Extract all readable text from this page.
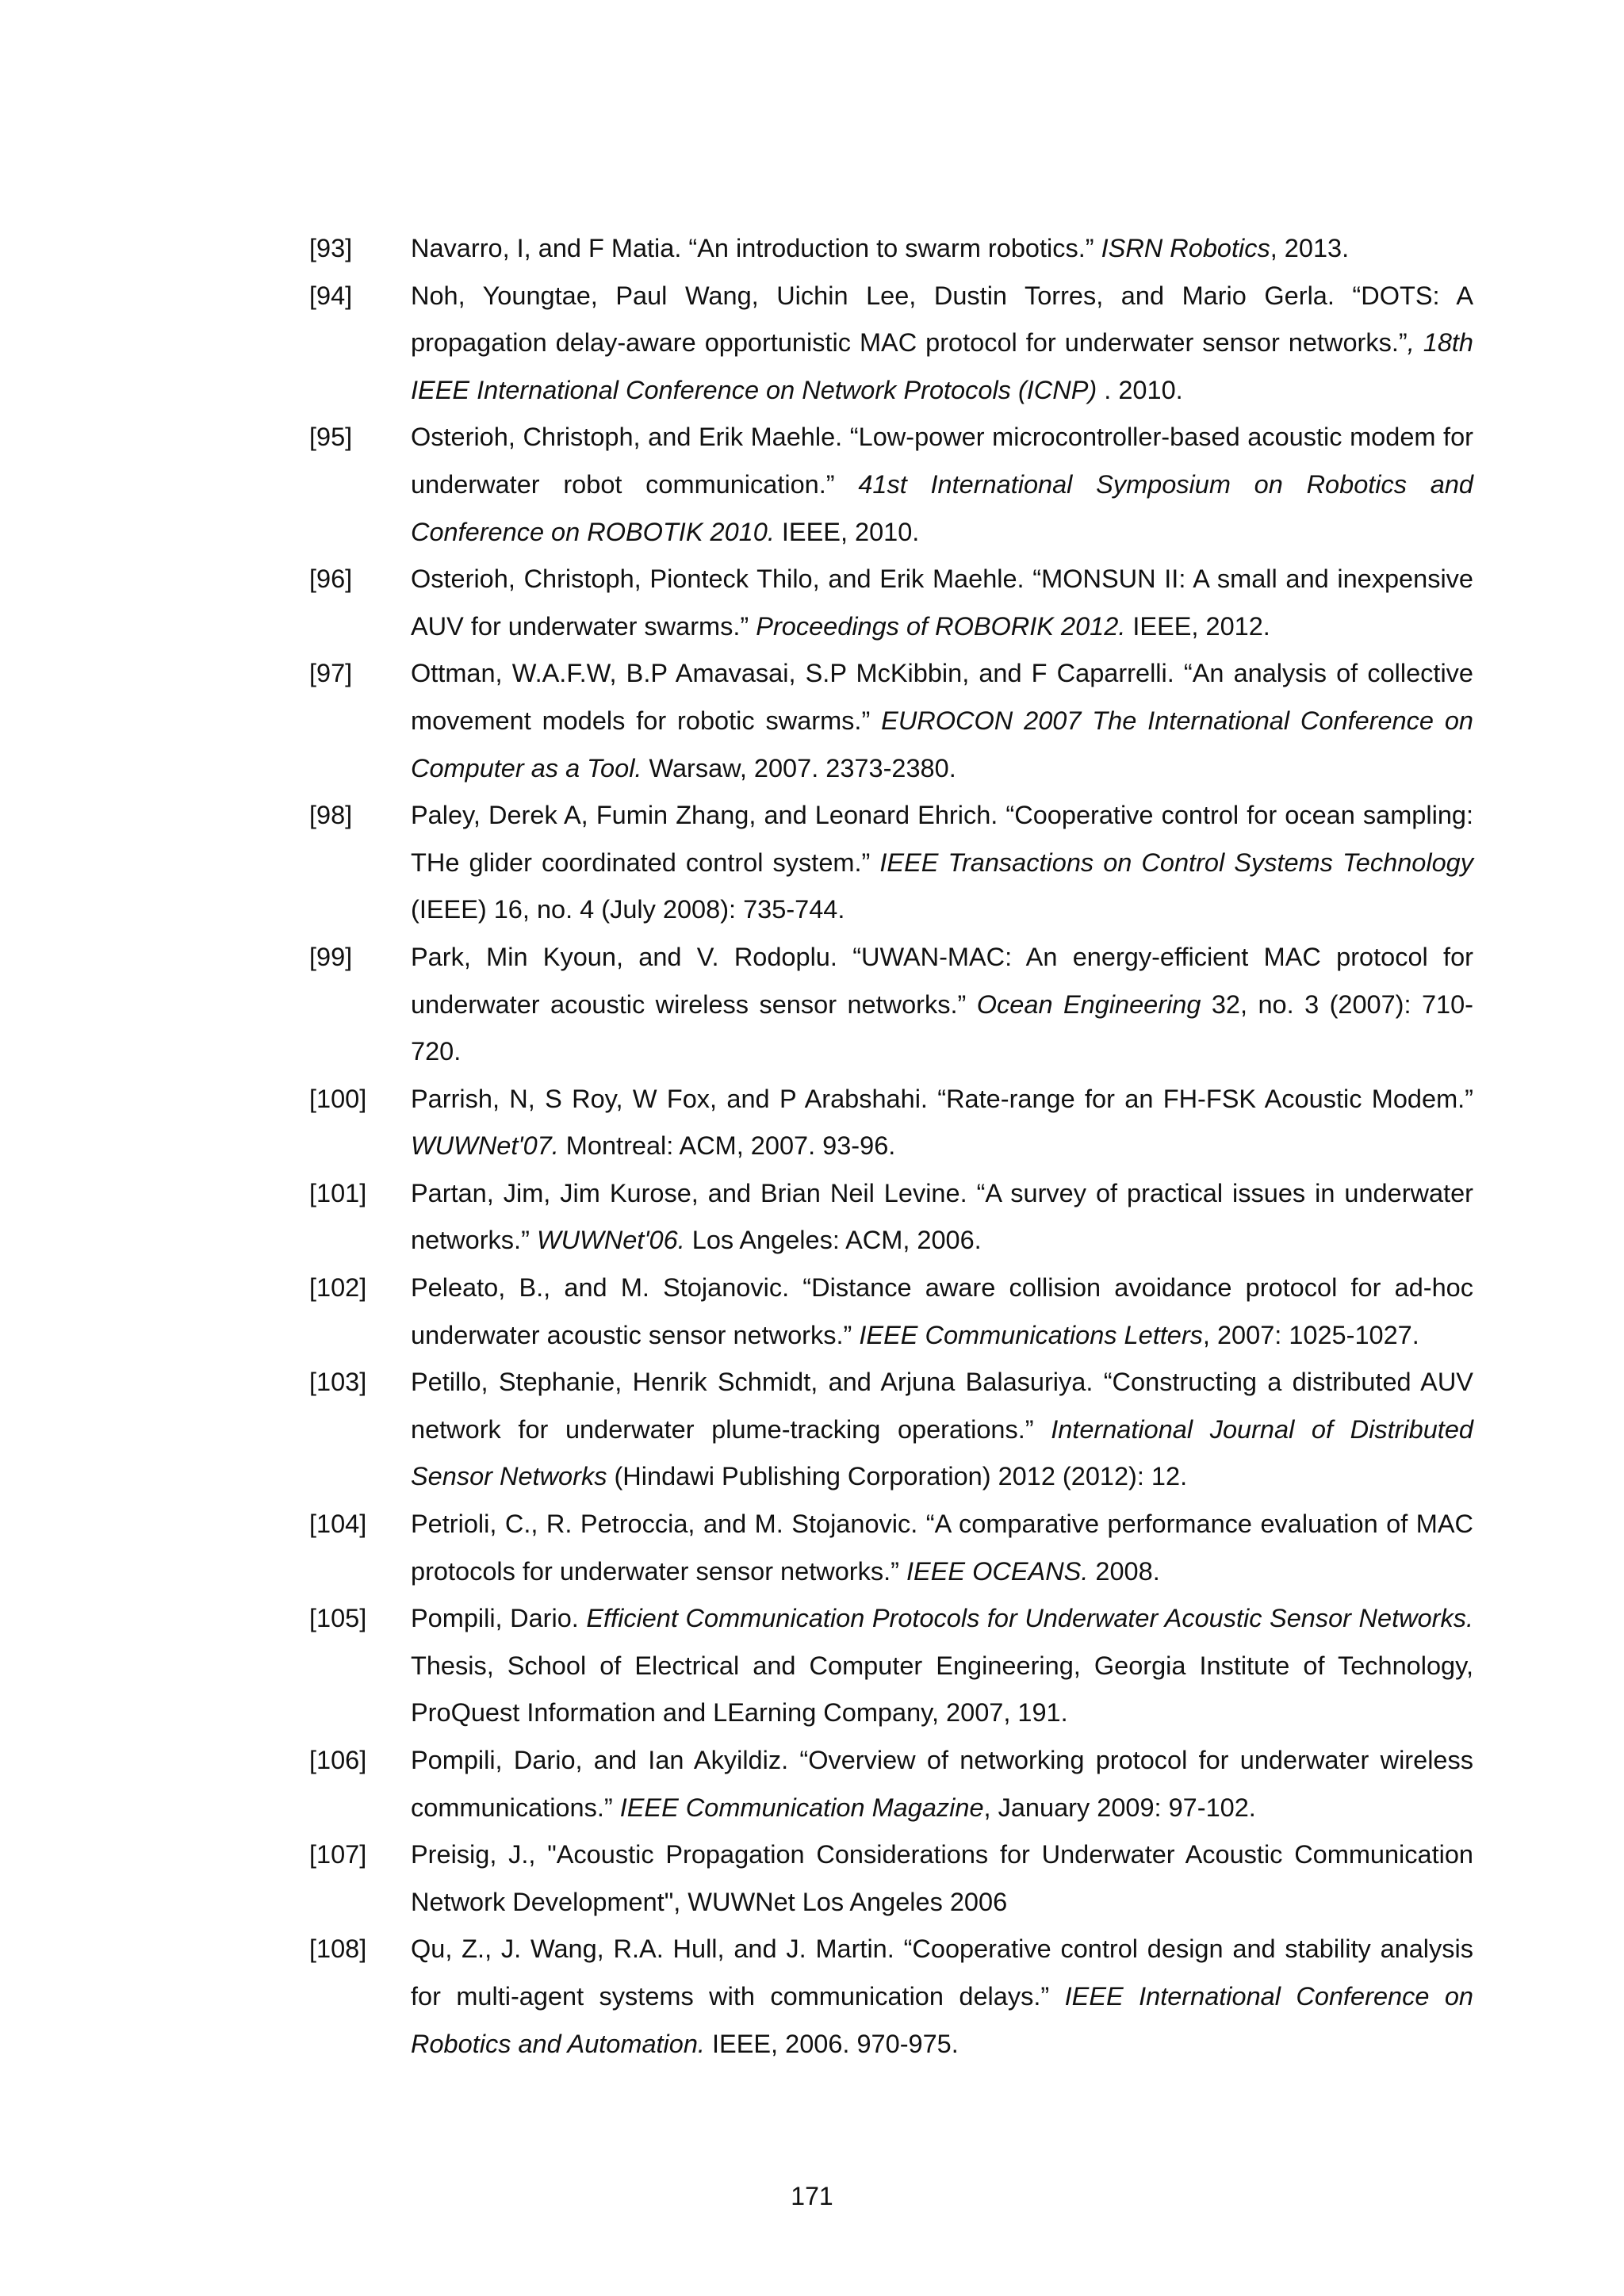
[93]	Navarro, I, and F Matia. “An introduction to swarm robotics.” ISRN Robotics, 2013.
[94]	Noh, Youngtae, Paul Wang, Uichin Lee, Dustin Torres, and Mario Gerla. “DOTS: A propagation delay-aware opportunistic MAC protocol for underwater sensor networks.”, 18th IEEE International Conference on Network Protocols (ICNP) . 2010.
[95]	Osterioh, Christoph, and Erik Maehle. “Low-power microcontroller-based acoustic modem for underwater robot communication.” 41st International Symposium on Robotics and Conference on ROBOTIK 2010. IEEE, 2010.
[96]	Osterioh, Christoph, Pionteck Thilo, and Erik Maehle. “MONSUN II: A small and inexpensive AUV for underwater swarms.” Proceedings of ROBORIK 2012. IEEE, 2012.
[97]	Ottman, W.A.F.W, B.P Amavasai, S.P McKibbin, and F Caparrelli. “An analysis of collective movement models for robotic swarms.” EUROCON 2007 The International Conference on Computer as a Tool. Warsaw, 2007. 2373-2380.
[98]	Paley, Derek A, Fumin Zhang, and Leonard Ehrich. “Cooperative control for ocean sampling: THe glider coordinated control system.” IEEE Transactions on Control Systems Technology (IEEE) 16, no. 4 (July 2008): 735-744.
[99]	Park, Min Kyoun, and V. Rodoplu. “UWAN-MAC: An energy-efficient MAC protocol for underwater acoustic wireless sensor networks.” Ocean Engineering 32, no. 3 (2007): 710-720.
[100]	Parrish, N, S Roy, W Fox, and P Arabshahi. “Rate-range for an FH-FSK Acoustic Modem.” WUWNet'07. Montreal: ACM, 2007. 93-96.
[101]	Partan, Jim, Jim Kurose, and Brian Neil Levine. “A survey of practical issues in underwater networks.” WUWNet'06. Los Angeles: ACM, 2006.
[102]	Peleato, B., and M. Stojanovic. “Distance aware collision avoidance protocol for ad-hoc underwater acoustic sensor networks.” IEEE Communications Letters, 2007: 1025-1027.
[103]	Petillo, Stephanie, Henrik Schmidt, and Arjuna Balasuriya. “Constructing a distributed AUV network for underwater plume-tracking operations.” International Journal of Distributed Sensor Networks (Hindawi Publishing Corporation) 2012 (2012): 12.
[104]	Petrioli, C., R. Petroccia, and M. Stojanovic. “A comparative performance evaluation of MAC protocols for underwater sensor networks.” IEEE OCEANS. 2008.
[105]	Pompili, Dario. Efficient Communication Protocols for Underwater Acoustic Sensor Networks. Thesis, School of Electrical and Computer Engineering, Georgia Institute of Technology, ProQuest Information and LEarning Company, 2007, 191.
[106]	Pompili, Dario, and Ian Akyildiz. “Overview of networking protocol for underwater wireless communications.” IEEE Communication Magazine, January 2009: 97-102.
[107]	Preisig, J., "Acoustic Propagation Considerations for Underwater Acoustic Communication Network Development", WUWNet Los Angeles 2006
[108]	Qu, Z., J. Wang, R.A. Hull, and J. Martin. “Cooperative control design and stability analysis for multi-agent systems with communication delays.” IEEE International Conference on Robotics and Automation. IEEE, 2006. 970-975.
171
